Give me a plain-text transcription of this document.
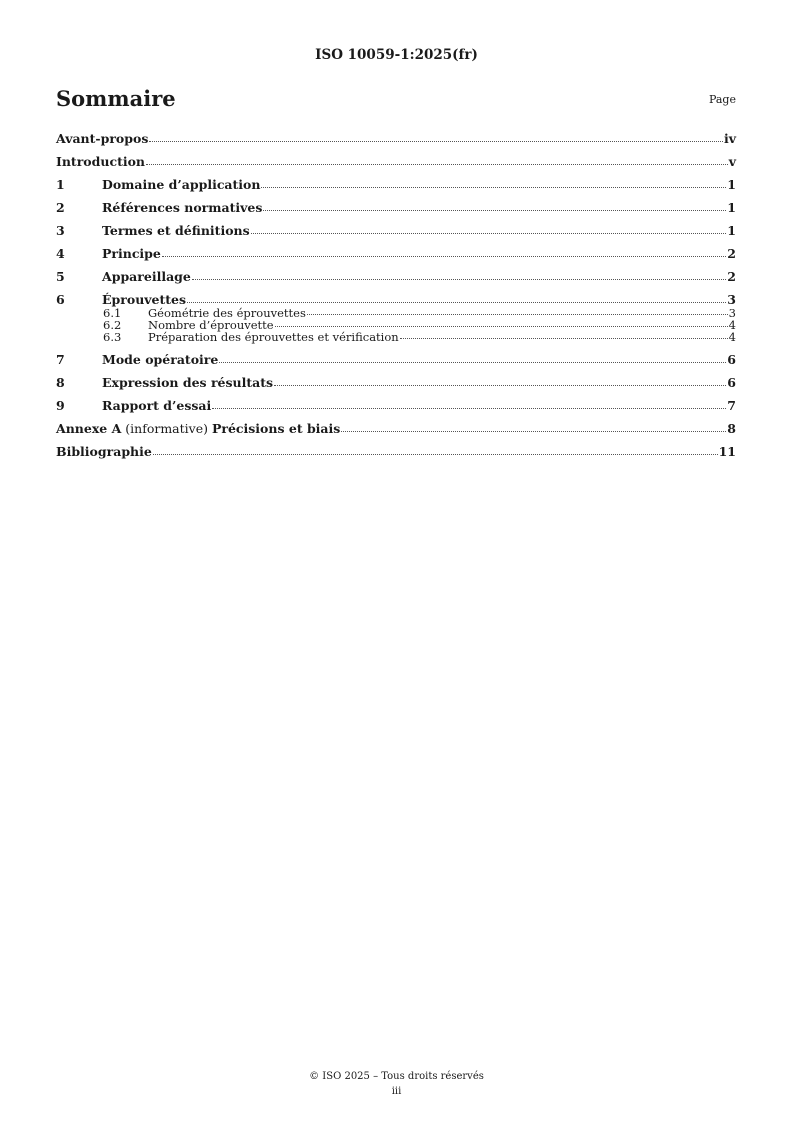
ISO 10059-1:2025(fr)
Sommaire	Page
Avant-propos	iv
Introduction	v
1	Domaine d’application	1
2	Références normatives	1
3	Termes et définitions	1
4	Principe	2
5	Appareillage	2
6	Éprouvettes	3
6.1	Géométrie des éprouvettes	3
6.2	Nombre d’éprouvette	4
6.3	Préparation des éprouvettes et vérification	4
7	Mode opératoire	6
8	Expression des résultats	6
9	Rapport d’essai	7
Annexe A (informative) Précisions et biais	8
Bibliographie	11
© ISO 2025 – Tous droits réservés
iii
